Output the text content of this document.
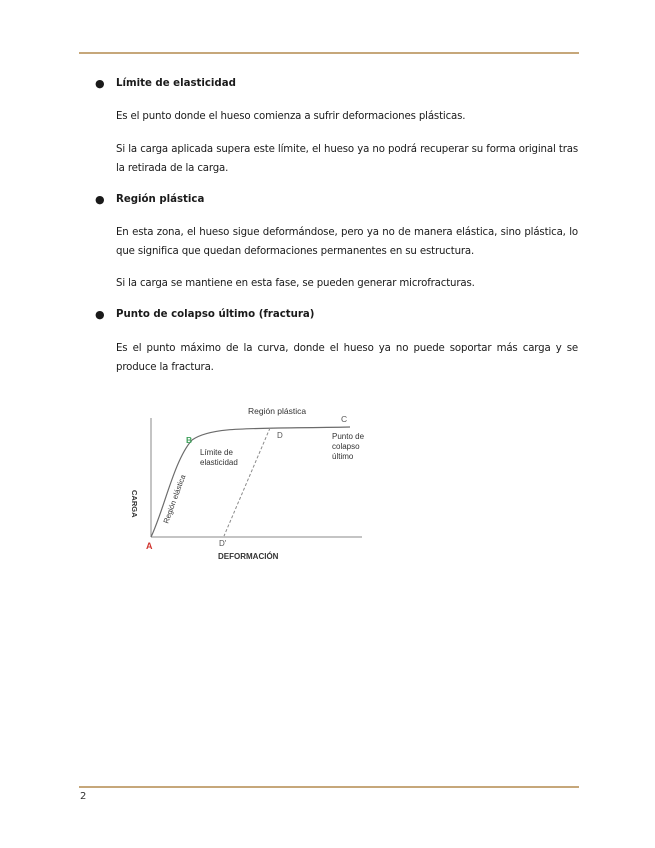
● Límite de elasticidad
Es el punto donde el hueso comienza a sufrir deformaciones plásticas.
Si la carga aplicada supera este límite, el hueso ya no podrá recuperar su forma original tras la retirada de la carga.
● Región plástica
En esta zona, el hueso sigue deformándose, pero ya no de manera elástica, sino plástica, lo que significa que quedan deformaciones permanentes en su estructura.
Si la carga se mantiene en esta fase, se pueden generar microfracturas.
● Punto de colapso último (fractura)
Es el punto máximo de la curva, donde el hueso ya no puede soportar más carga y se produce la fractura.
Región plástica
C
D
B
Límite de elasticidad
Punto de colapso último
Región elástica
CARGA
A	D'
DEFORMACIÓN
2
